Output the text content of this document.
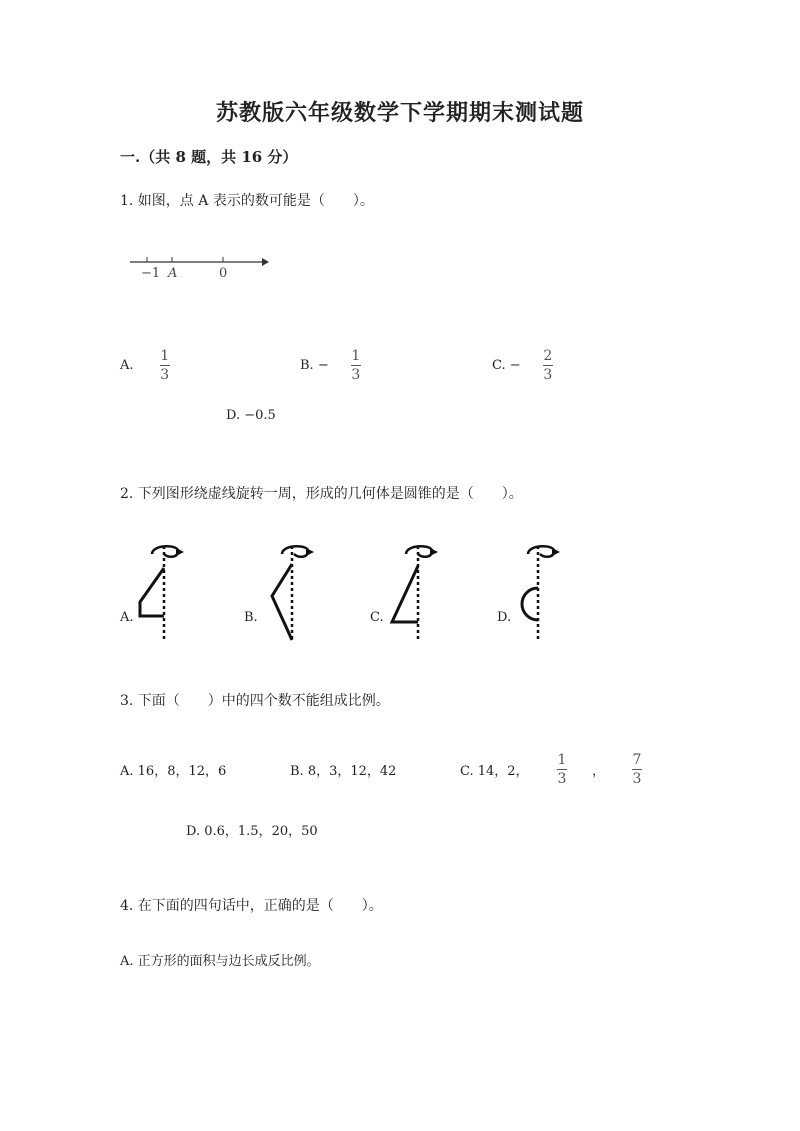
苏教版六年级数学下学期期末测试题
一.（共 8 题，共 16 分）
1. 如图，点 A 表示的数可能是（　　）。
−1 A	0
A. $\frac{1}{3}$	B. − $\frac{1}{3}$	C. − $\frac{2}{3}$
D. −0.5
2. 下列图形绕虚线旋转一周，形成的几何体是圆锥的是（　　）。
A.	B.	C.	D.
3. 下面（　　）中的四个数不能组成比例。
A. 16，8，12，6	B. 8，3，12，42	C. 14，2，
1
3 ，
7
3
D. 0.6，1.5，20，50
4. 在下面的四句话中，正确的是（　　）。
A. 正方形的面积与边长成反比例。
